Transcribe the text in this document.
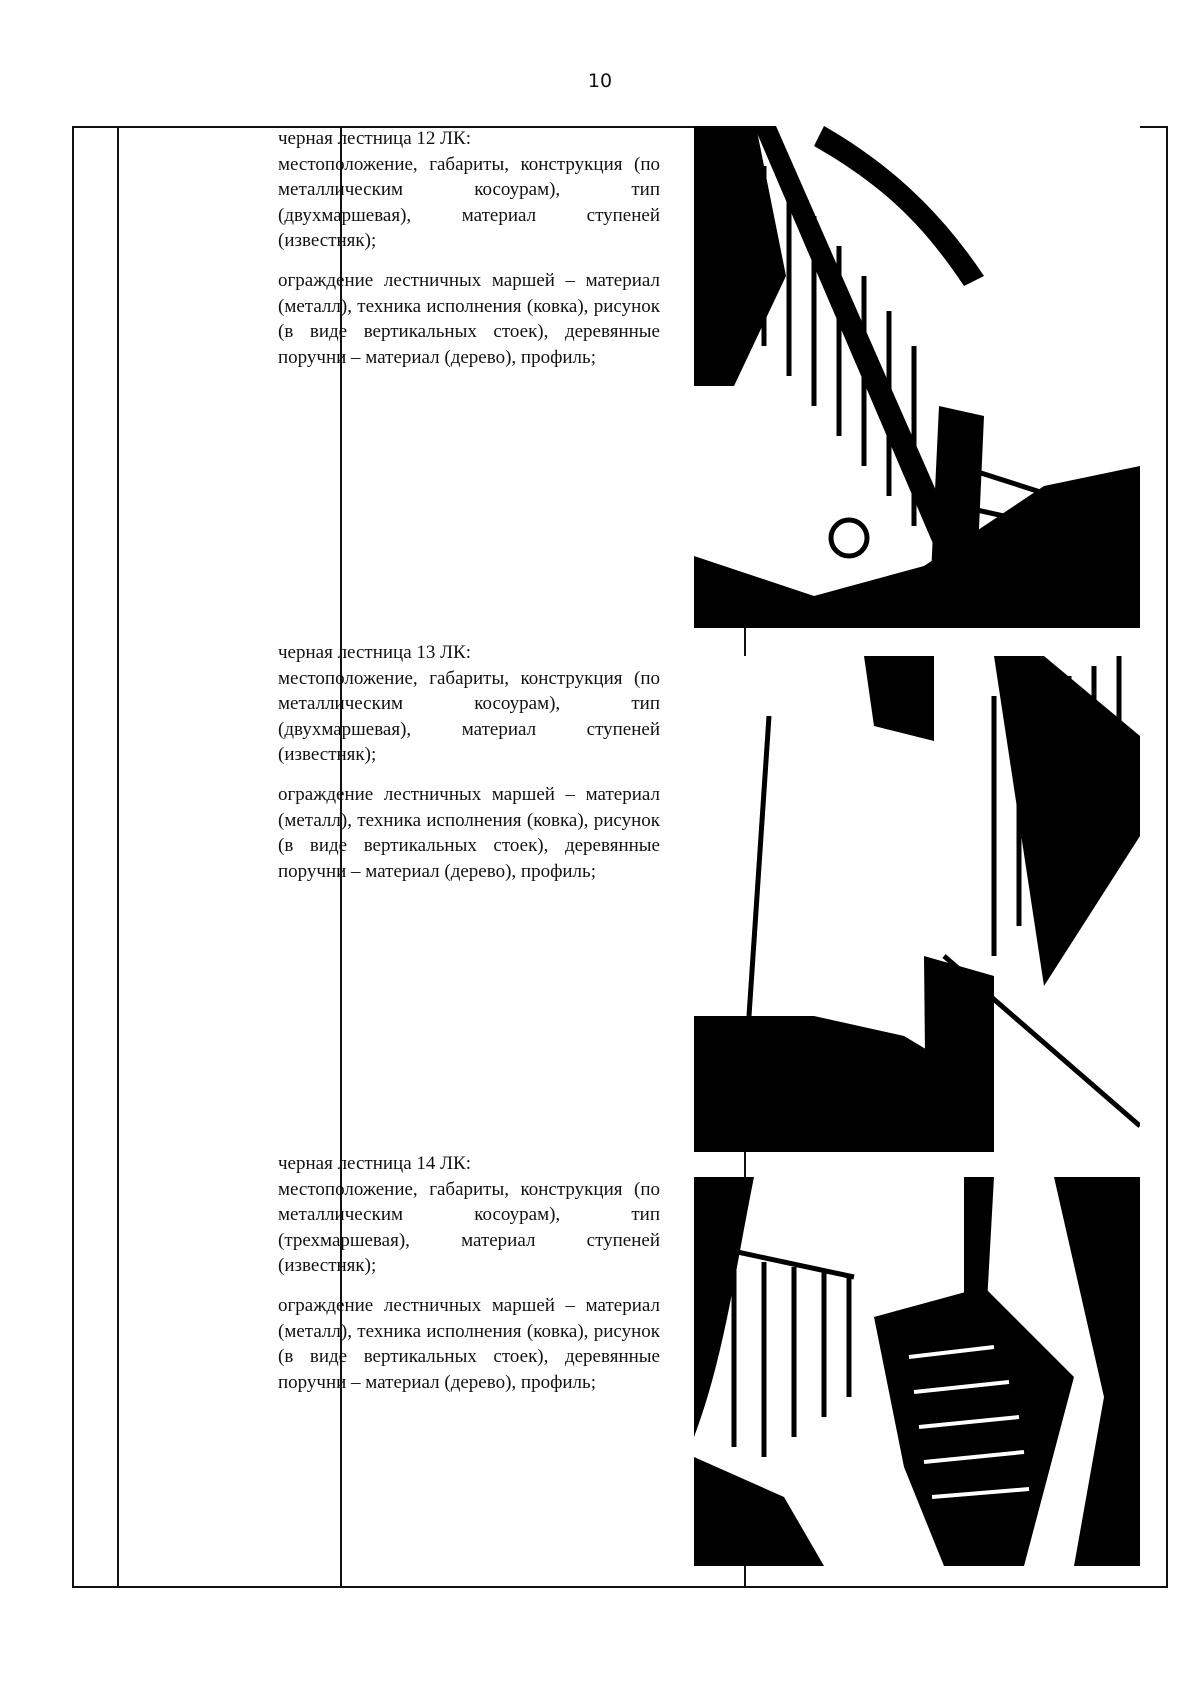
10
черная лестница 12 ЛК:

местоположение, габариты, конструкция (по металлическим косоурам), тип (двухмаршевая), материал ступеней (известняк);

ограждение лестничных маршей – материал (металл), техника исполнения (ковка), рисунок (в виде вертикальных стоек), деревянные поручни – материал (дерево), профиль;

черная лестница 13 ЛК:

местоположение, габариты, конструкция (по металлическим косоурам), тип (двухмаршевая), материал ступеней (известняк);

ограждение лестничных маршей – материал (металл), техника исполнения (ковка), рисунок (в виде вертикальных стоек), деревянные поручни – материал (дерево), профиль;

черная лестница 14 ЛК:

местоположение, габариты, конструкция (по металлическим косоурам), тип (трехмаршевая), материал ступеней (известняк);

ограждение лестничных маршей – материал (металл), техника исполнения (ковка), рисунок (в виде вертикальных стоек), деревянные поручни – материал (дерево), профиль;
